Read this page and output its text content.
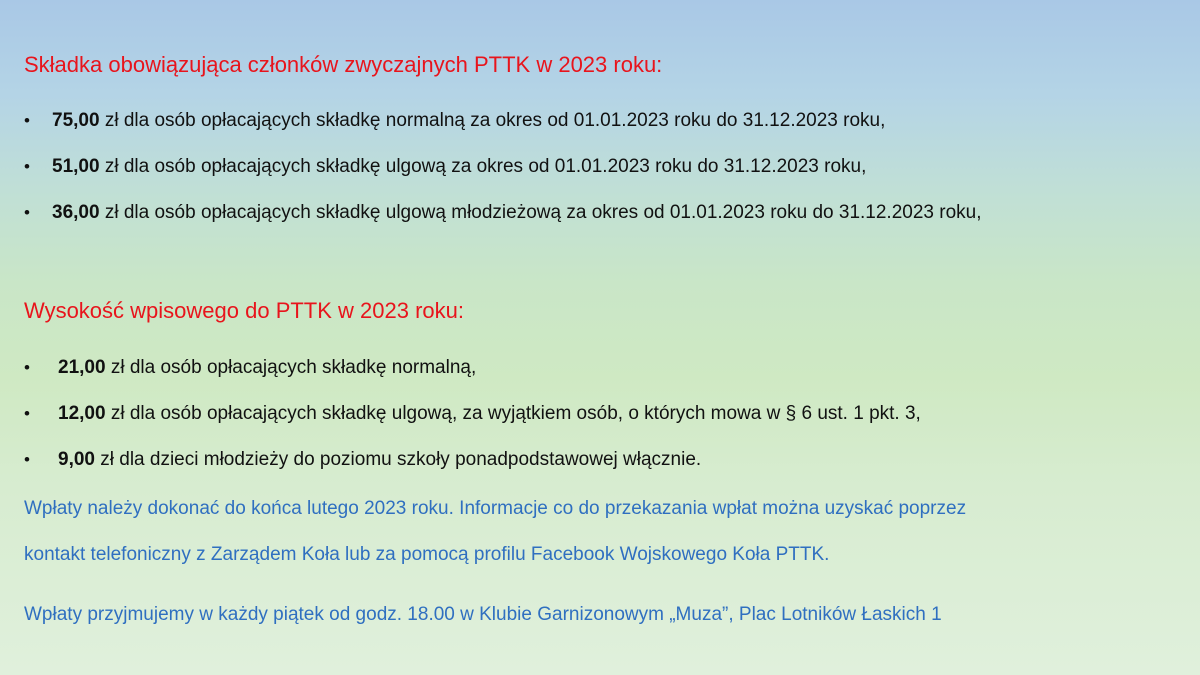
Składka obowiązująca członków zwyczajnych PTTK w 2023 roku:
• 75,00 zł dla osób opłacających składkę normalną za okres od 01.01.2023 roku do 31.12.2023 roku,
• 51,00 zł dla osób opłacających składkę ulgową za okres od 01.01.2023 roku do 31.12.2023 roku,
• 36,00 zł dla osób opłacających składkę ulgową młodzieżową za okres od 01.01.2023 roku do 31.12.2023 roku,
Wysokość wpisowego do PTTK w 2023 roku:
• 21,00 zł dla osób opłacających składkę normalną,
• 12,00 zł dla osób opłacających składkę ulgową, za wyjątkiem osób, o których mowa w § 6 ust. 1 pkt. 3,
• 9,00 zł dla dzieci młodzieży do poziomu szkoły ponadpodstawowej włącznie.
Wpłaty należy dokonać do końca lutego 2023 roku. Informacje co do przekazania wpłat można uzyskać poprzez
kontakt telefoniczny z Zarządem Koła lub za pomocą profilu Facebook Wojskowego Koła PTTK.
Wpłaty przyjmujemy w każdy piątek od godz. 18.00 w Klubie Garnizonowym „Muza”, Plac Lotników Łaskich 1
